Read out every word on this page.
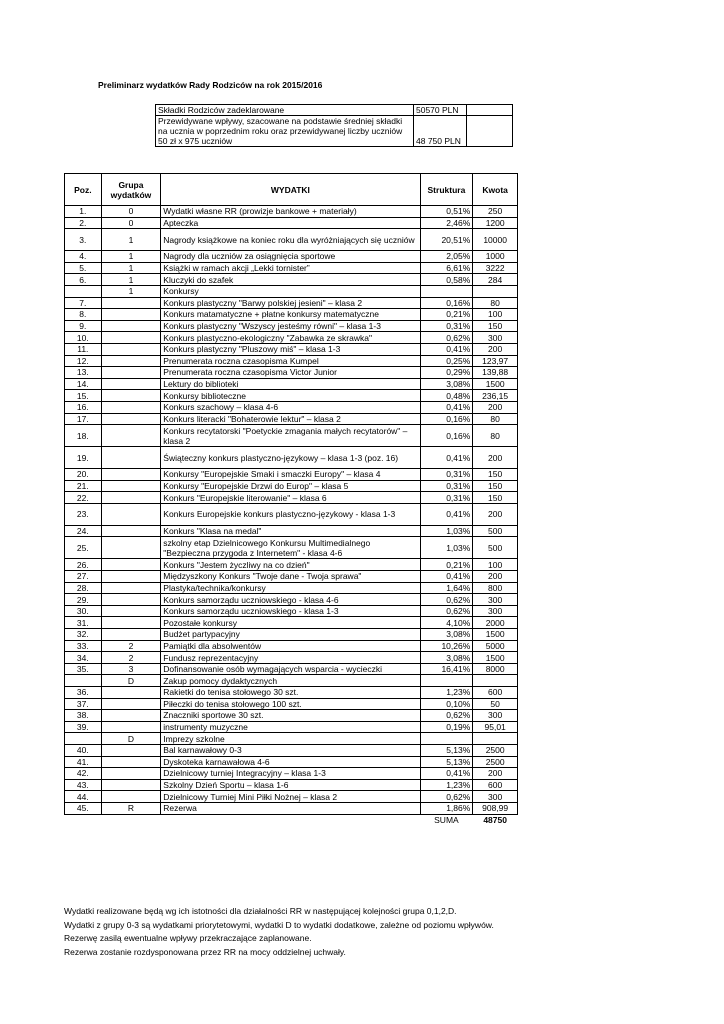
Preliminarz wydatków Rady Rodziców na rok 2015/2016
Składki Rodziców zadeklarowane	50570 PLN	
Przewidywane wpływy, szacowane na podstawie średniej składki na ucznia w poprzednim roku oraz przewidywanej liczby uczniów 50 zł x 975 uczniów	48 750 PLN	
Poz.	Grupa wydatków	WYDATKI	Struktura	Kwota
1.	0	Wydatki własne RR (prowizje bankowe + materiały)	0,51%	250
2.	0	Apteczka	2,46%	1200
3.	1	Nagrody książkowe na koniec roku dla wyróżniających się uczniów	20,51%	10000
4.	1	Nagrody dla uczniów za osiągnięcia sportowe	2,05%	1000
5.	1	Książki w ramach akcji „Lekki tornister”	6,61%	3222
6.	1	Kluczyki do szafek	0,58%	284
	1	Konkursy		
7.		Konkurs plastyczny "Barwy polskiej jesieni" – klasa 2	0,16%	80
8.		Konkurs matamatyczne + płatne konkursy matematyczne	0,21%	100
9.		Konkurs plastyczny "Wszyscy jesteśmy równi" – klasa 1-3	0,31%	150
10.		Konkurs plastyczno-ekologiczny "Zabawka ze skrawka"	0,62%	300
11.		Konkurs plastyczny "Pluszowy miś" – klasa 1-3	0,41%	200
12.		Prenumerata roczna czasopisma Kumpel	0,25%	123,97
13.		Prenumerata roczna czasopisma Victor Junior	0,29%	139,88
14.		Lektury do biblioteki	3,08%	1500
15.		Konkursy biblioteczne	0,48%	236,15
16.		Konkurs szachowy – klasa 4-6	0,41%	200
17.		Konkurs literacki "Bohaterowie lektur" – klasa 2	0,16%	80
18.		Konkurs recytatorski "Poetyckie zmagania małych recytatorów" – klasa 2	0,16%	80
19.		Świąteczny konkurs plastyczno-językowy – klasa 1-3 (poz. 16)	0,41%	200
20.		Konkursy "Europejskie Smaki i smaczki Europy" – klasa 4	0,31%	150
21.		Konkursy "Europejskie Drzwi do Europ" – klasa 5	0,31%	150
22.		Konkurs "Europejskie literowanie" – klasa 6	0,31%	150
23.		Konkurs Europejskie konkurs plastyczno-językowy - klasa 1-3	0,41%	200
24.		Konkurs "Klasa na medal"	1,03%	500
25.		szkolny etap Dzielnicowego Konkursu Multimedialnego "Bezpieczna przygoda z Internetem" - klasa 4-6	1,03%	500
26.		Konkurs "Jestem życzliwy na co dzień"	0,21%	100
27.		Międzyszkony Konkurs "Twoje dane - Twoja sprawa"	0,41%	200
28.		Plastyka/technika/konkursy	1,64%	800
29.		Konkurs samorządu uczniowskiego - klasa 4-6	0,62%	300
30.		Konkurs samorządu uczniowskiego - klasa 1-3	0,62%	300
31.		Pozostałe konkursy	4,10%	2000
32.		Budżet partypacyjny	3,08%	1500
33.	2	Pamiątki dla absolwentów	10,26%	5000
34.	2	Fundusz reprezentacyjny	3,08%	1500
35.	3	Dofinansowanie osób wymagających wsparcia - wycieczki	16,41%	8000
	D	Zakup pomocy dydaktycznych		
36.		Rakietki do tenisa stołowego 30 szt.	1,23%	600
37.		Piłeczki do tenisa stołowego 100 szt.	0,10%	50
38.		Znaczniki sportowe 30 szt.	0,62%	300
39.		instrumenty muzyczne	0,19%	95,01
	D	Imprezy szkolne		
40.		Bal karnawałowy 0-3	5,13%	2500
41.		Dyskoteka karnawałowa 4-6	5,13%	2500
42.		Dzielnicowy turniej Integracyjny – klasa 1-3	0,41%	200
43.		Szkolny Dzień Sportu – klasa 1-6	1,23%	600
44.		Dzielnicowy Turniej Mini Piłki Nożnej – klasa 2	0,62%	300
45.	R	Rezerwa	1,86%	908,99
			SUMA	48750

Wydatki realizowane będą wg ich istotności dla działalności RR w następującej kolejności grupa 0,1,2,D.

Wydatki z grupy 0-3 są wydatkami priorytetowymi, wydatki D to wydatki dodatkowe, zależne od poziomu wpływów.

Rezerwę zasilą ewentualne wpływy przekraczające zaplanowane.

Rezerwa zostanie rozdysponowana przez RR na mocy oddzielnej uchwały.
